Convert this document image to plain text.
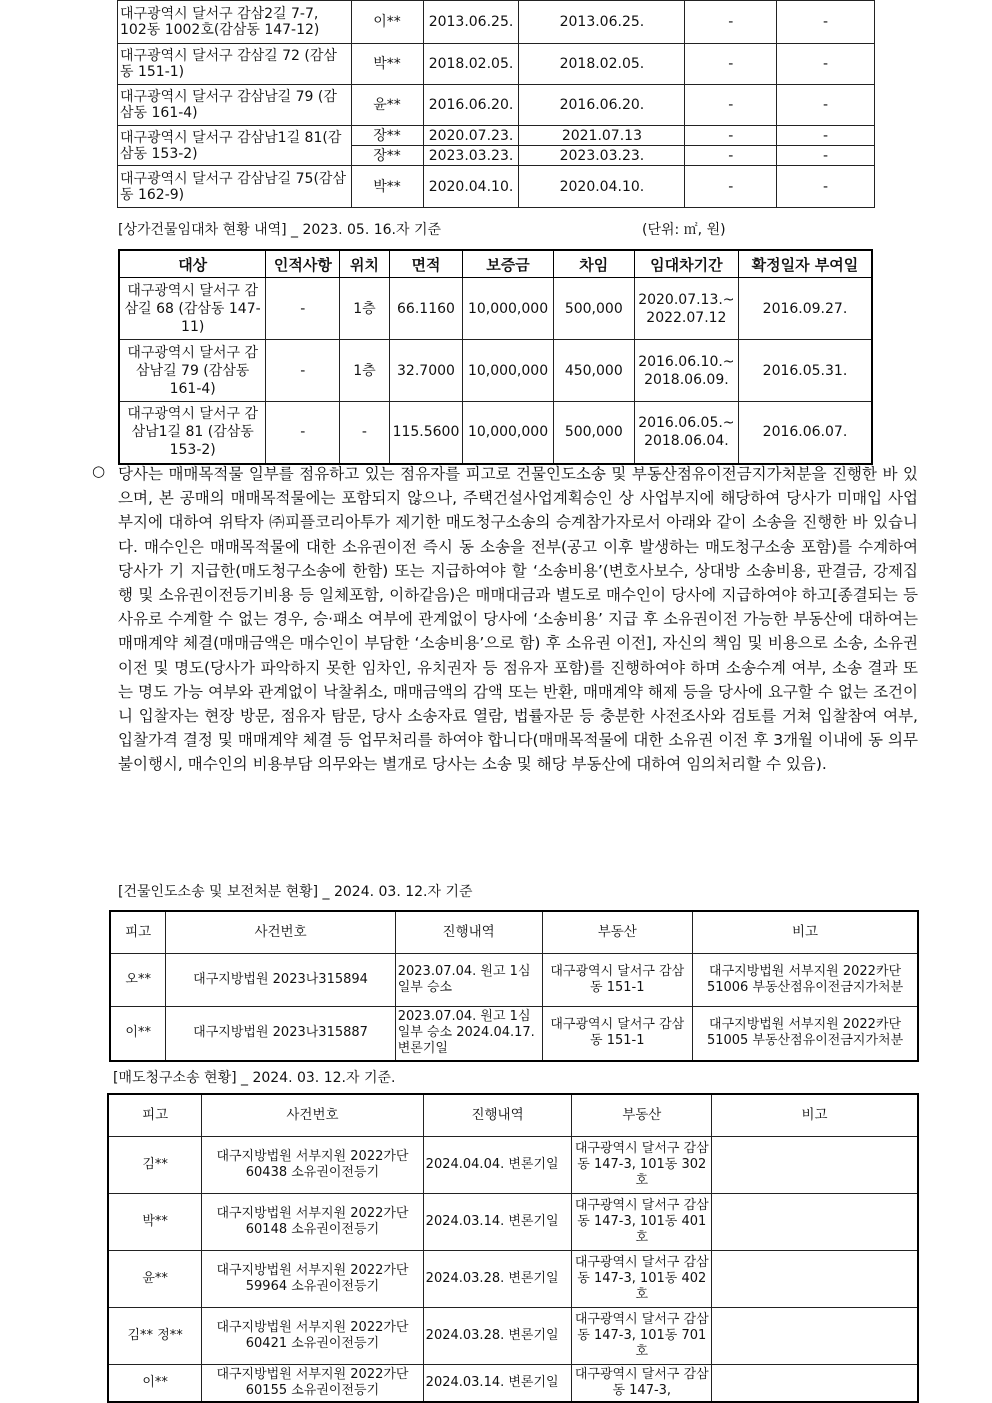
대구광역시 달서구 감삼2길 7-7, 102동 1002호(감삼동 147-12)	이**	2013.06.25.	2013.06.25.	-	-
대구광역시 달서구 감삼길 72 (감삼동 151-1)	박**	2018.02.05.	2018.02.05.	-	-
대구광역시 달서구 감삼남길 79 (감삼동 161-4)	윤**	2016.06.20.	2016.06.20.	-	-
대구광역시 달서구 감삼남1길 81(감삼동 153-2)	장**	2020.07.23.	2021.07.13	-	-
	장**	2023.03.23.	2023.03.23.	-	-
대구광역시 달서구 감삼남길 75(감삼동 162-9)	박**	2020.04.10.	2020.04.10.	-	-
[상가건물임대차 현황 내역] _ 2023. 05. 16.자 기준	(단위: ㎡, 원)
대상	인적사항	위치	면적	보증금	차임	임대차기간	확정일자 부여일
대구광역시 달서구 감삼길 68 (감삼동 147-11)	-	1층	66.1160	10,000,000	500,000	2020.07.13.~ 2022.07.12	2016.09.27.
대구광역시 달서구 감삼남길 79 (감삼동 161-4)	-	1층	32.7000	10,000,000	450,000	2016.06.10.~ 2018.06.09.	2016.05.31.
대구광역시 달서구 감삼남1길 81 (감삼동 153-2)	-	-	115.5600	10,000,000	500,000	2016.06.05.~ 2018.06.04.	2016.06.07.
○ 당사는 매매목적물 일부를 점유하고 있는 점유자를 피고로 건물인도소송 및 부동산점유이전금지가처분을 진행한 바 있으며, 본 공매의 매매목적물에는 포함되지 않으나, 주택건설사업계획승인 상 사업부지에 해당하여 당사가 미매입 사업부지에 대하여 위탁자 ㈜피플코리아투가 제기한 매도청구소송의 승계참가자로서 아래와 같이 소송을 진행한 바 있습니다. 매수인은 매매목적물에 대한 소유권이전 즉시 동 소송을 전부(공고 이후 발생하는 매도청구소송 포함)를 수계하여 당사가 기 지급한(매도청구소송에 한함) 또는 지급하여야 할 ‘소송비용’(변호사보수, 상대방 소송비용, 판결금, 강제집행 및 소유권이전등기비용 등 일체포함, 이하같음)은 매매대금과 별도로 매수인이 당사에 지급하여야 하고[종결되는 등 사유로 수계할 수 없는 경우, 승·패소 여부에 관계없이 당사에 ‘소송비용’ 지급 후 소유권이전 가능한 부동산에 대하여는 매매계약 체결(매매금액은 매수인이 부담한 ‘소송비용’으로 함) 후 소유권 이전], 자신의 책임 및 비용으로 소송, 소유권이전 및 명도(당사가 파악하지 못한 임차인, 유치권자 등 점유자 포함)를 진행하여야 하며 소송수계 여부, 소송 결과 또는 명도 가능 여부와 관계없이 낙찰취소, 매매금액의 감액 또는 반환, 매매계약 해제 등을 당사에 요구할 수 없는 조건이니 입찰자는 현장 방문, 점유자 탐문, 당사 소송자료 열람, 법률자문 등 충분한 사전조사와 검토를 거쳐 입찰참여 여부, 입찰가격 결정 및 매매계약 체결 등 업무처리를 하여야 합니다(매매목적물에 대한 소유권 이전 후 3개월 이내에 동 의무 불이행시, 매수인의 비용부담 의무와는 별개로 당사는 소송 및 해당 부동산에 대하여 임의처리할 수 있음).
[건물인도소송 및 보전처분 현황] _ 2024. 03. 12.자 기준
피고	사건번호	진행내역	부동산	비고
오**	대구지방법원 2023나315894	2023.07.04. 원고 1심 일부 승소	대구광역시 달서구 감삼동 151-1	대구지방법원 서부지원 2022카단51006 부동산점유이전금지가처분
이**	대구지방법원 2023나315887	2023.07.04. 원고 1심 일부 승소 2024.04.17. 변론기일	대구광역시 달서구 감삼동 151-1	대구지방법원 서부지원 2022카단51005 부동산점유이전금지가처분
[매도청구소송 현황] _ 2024. 03. 12.자 기준.
피고	사건번호	진행내역	부동산	비고
김**	대구지방법원 서부지원 2022가단60438 소유권이전등기	2024.04.04. 변론기일	대구광역시 달서구 감삼동 147-3, 101동 302호	
박**	대구지방법원 서부지원 2022가단60148 소유권이전등기	2024.03.14. 변론기일	대구광역시 달서구 감삼동 147-3, 101동 401호	
윤**	대구지방법원 서부지원 2022가단59964 소유권이전등기	2024.03.28. 변론기일	대구광역시 달서구 감삼동 147-3, 101동 402호	
김** 정**	대구지방법원 서부지원 2022가단60421 소유권이전등기	2024.03.28. 변론기일	대구광역시 달서구 감삼동 147-3, 101동 701호	
이**	대구지방법원 서부지원 2022가단60155 소유권이전등기	2024.03.14. 변론기일	대구광역시 달서구 감삼동 147-3,	
